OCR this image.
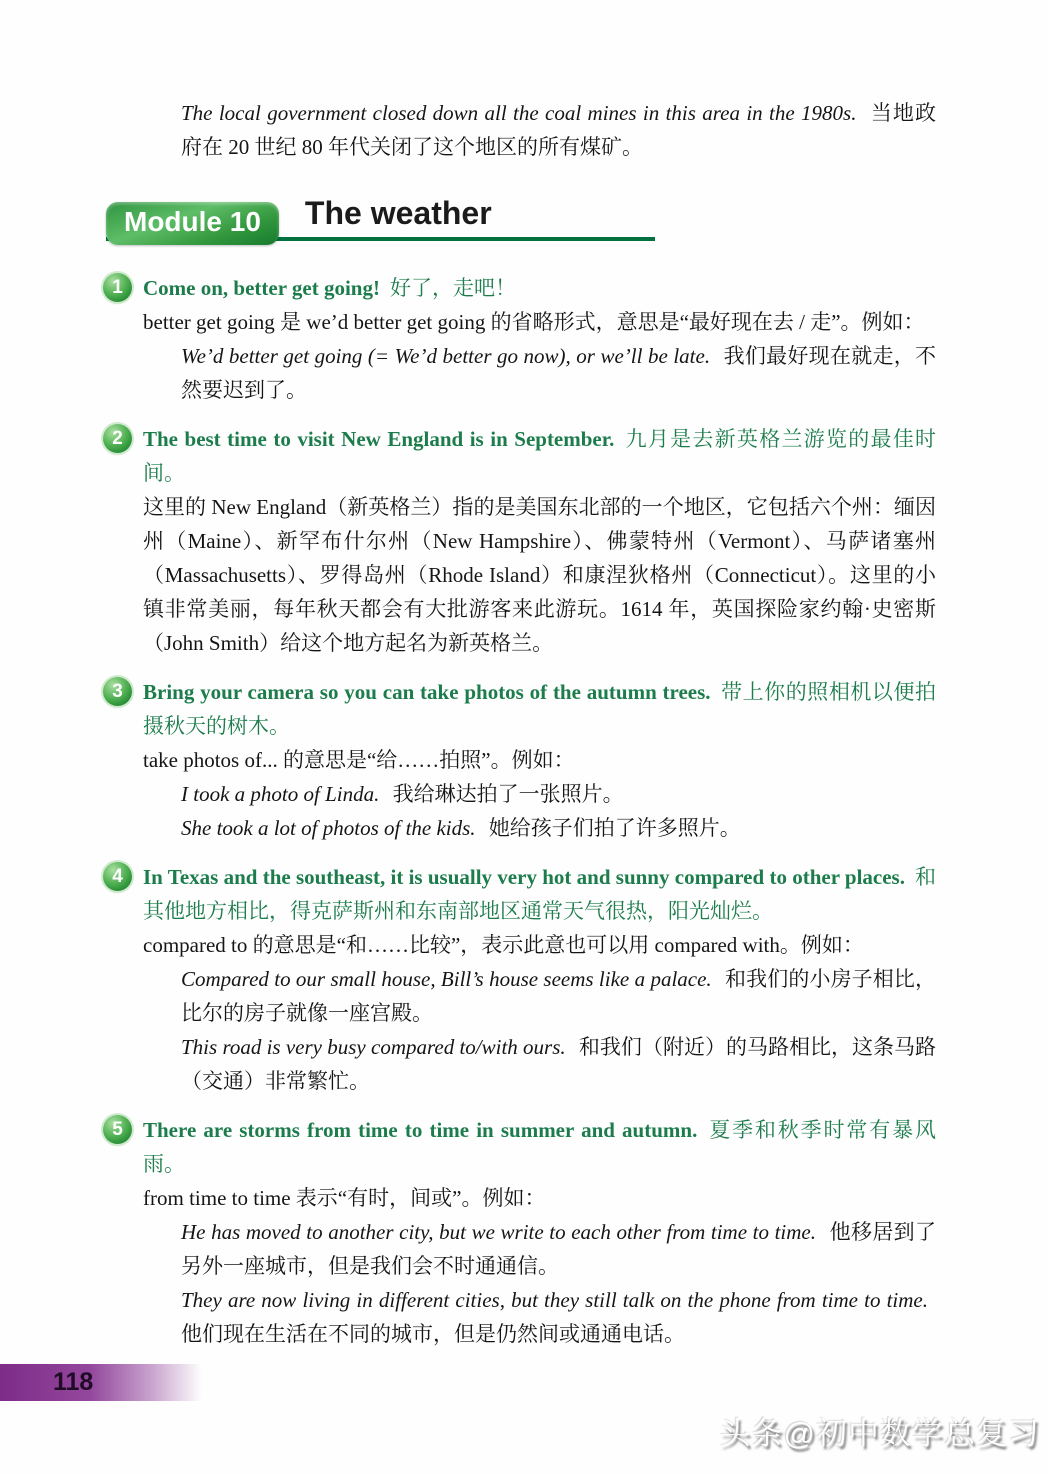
The local government closed down all the coal mines in this area in the 1980s. 当地政府在 20 世纪 80 年代关闭了这个地区的所有煤矿。

Module 10	The weather
1 Come on, better get going! 好了，走吧！

better get going 是 we’d better get going 的省略形式，意思是“最好现在去 / 走”。例如：

We’d better get going (= We’d better go now), or we’ll be late. 我们最好现在就走，不然要迟到了。

2 The best time to visit New England is in September. 九月是去新英格兰游览的最佳时间。

这里的 New England（新英格兰）指的是美国东北部的一个地区，它包括六个州：缅因州（Maine）、新罕布什尔州（New Hampshire）、佛蒙特州（Vermont）、马萨诸塞州（Massachusetts）、罗得岛州（Rhode Island）和康涅狄格州（Connecticut）。这里的小镇非常美丽，每年秋天都会有大批游客来此游玩。1614 年，英国探险家约翰·史密斯（John Smith）给这个地方起名为新英格兰。

3 Bring your camera so you can take photos of the autumn trees. 带上你的照相机以便拍摄秋天的树木。

take photos of... 的意思是“给……拍照”。例如：

I took a photo of Linda. 我给琳达拍了一张照片。

She took a lot of photos of the kids. 她给孩子们拍了许多照片。

4 In Texas and the southeast, it is usually very hot and sunny compared to other places. 和其他地方相比，得克萨斯州和东南部地区通常天气很热，阳光灿烂。

compared to 的意思是“和……比较”，表示此意也可以用 compared with。例如：

Compared to our small house, Bill’s house seems like a palace. 和我们的小房子相比，比尔的房子就像一座宫殿。

This road is very busy compared to/with ours. 和我们（附近）的马路相比，这条马路（交通）非常繁忙。

5 There are storms from time to time in summer and autumn. 夏季和秋季时常有暴风雨。

from time to time 表示“有时，间或”。例如：

He has moved to another city, but we write to each other from time to time. 他移居到了另外一座城市，但是我们会不时通通信。

They are now living in different cities, but they still talk on the phone from time to time. 他们现在生活在不同的城市，但是仍然间或通通电话。

118
头条@初中数学总复习
